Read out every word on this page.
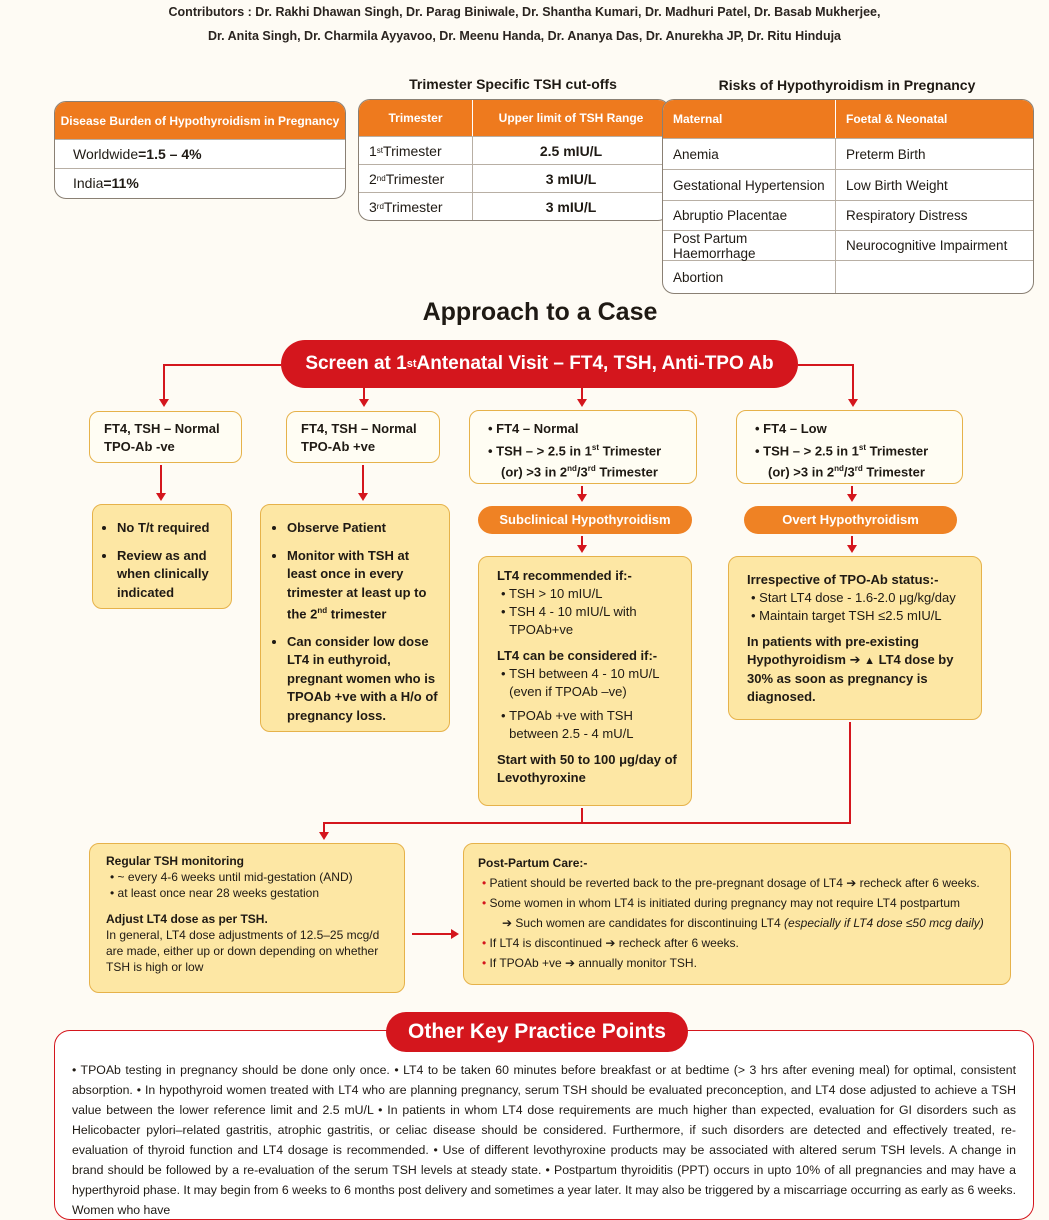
Contributors : Dr. Rakhi Dhawan Singh, Dr. Parag Biniwale, Dr. Shantha Kumari, Dr. Madhuri Patel, Dr. Basab Mukherjee,
Dr. Anita Singh, Dr. Charmila Ayyavoo, Dr. Meenu Handa, Dr. Ananya Das, Dr. Anurekha JP, Dr. Ritu Hinduja
Trimester Specific TSH cut-offs	Risks of Hypothyroidism in Pregnancy
Disease Burden of Hypothyroidism in Pregnancy
Worldwide = 1.5 – 4%
India = 11%
Trimester	Upper limit of TSH Range
1 st Trimester	2.5 mIU/L
2 nd Trimester	3 mIU/L
3 rd Trimester	3 mIU/L
Maternal	Foetal & Neonatal
Anemia	Preterm Birth
Gestational Hypertension	Low Birth Weight
Abruptio Placentae	Respiratory Distress
Post Partum Haemorrhage	Neurocognitive Impairment
Abortion
Approach to a Case
Screen at 1 st Antenatal Visit – FT4, TSH, Anti-TPO Ab
FT4, TSH – Normal
TPO-Ab -ve
FT4, TSH – Normal
TPO-Ab +ve
• FT4 – Normal
• TSH – > 2.5 in 1st Trimester
(or) >3 in 2nd/3rd Trimester
• FT4 – Low
• TSH – > 2.5 in 1st Trimester
(or) >3 in 2nd/3rd Trimester
Subclinical Hypothyroidism	Overt Hypothyroidism
• No T/t required
• Review as and when clinically indicated
• Observe Patient
• Monitor with TSH at least once in every trimester at least up to the 2nd trimester
• Can consider low dose LT4 in euthyroid, pregnant women who is TPOAb +ve with a H/o of pregnancy loss.
LT4 recommended if:-
• TSH > 10 mIU/L
• TSH 4 - 10 mIU/L with TPOAb+ve
LT4 can be considered if:-
• TSH between 4 - 10 mU/L (even if TPOAb –ve)
• TPOAb +ve with TSH between 2.5 - 4 mU/L
Start with 50 to 100 μg/day of Levothyroxine
Irrespective of TPO-Ab status:-
• Start LT4 dose - 1.6-2.0 μg/kg/day
• Maintain target TSH ≤2.5 mIU/L
In patients with pre-existing Hypothyroidism ➔ ▲ LT4 dose by 30% as soon as pregnancy is diagnosed.
Regular TSH monitoring
• ~ every 4-6 weeks until mid-gestation (AND)
• at least once near 28 weeks gestation
Adjust LT4 dose as per TSH.
In general, LT4 dose adjustments of 12.5–25 mcg/d are made, either up or down depending on whether TSH is high or low
Post-Partum Care:-
• Patient should be reverted back to the pre-pregnant dosage of LT4 ➔ recheck after 6 weeks.
• Some women in whom LT4 is initiated during pregnancy may not require LT4 postpartum
➔ Such women are candidates for discontinuing LT4 (especially if LT4 dose ≤50 mcg daily)
• If LT4 is discontinued ➔ recheck after 6 weeks.
• If TPOAb +ve ➔ annually monitor TSH.
Other Key Practice Points
• TPOAb testing in pregnancy should be done only once. • LT4 to be taken 60 minutes before breakfast or at bedtime (> 3 hrs after evening meal) for optimal, consistent absorption. • In hypothyroid women treated with LT4 who are planning pregnancy, serum TSH should be evaluated preconception, and LT4 dose adjusted to achieve a TSH value between the lower reference limit and 2.5 mU/L • In patients in whom LT4 dose requirements are much higher than expected, evaluation for GI disorders such as Helicobacter pylori–related gastritis, atrophic gastritis, or celiac disease should be considered. Furthermore, if such disorders are detected and effectively treated, re-evaluation of thyroid function and LT4 dosage is recommended. • Use of different levothyroxine products may be associated with altered serum TSH levels. A change in brand should be followed by a re-evaluation of the serum TSH levels at steady state. • Postpartum thyroiditis (PPT) occurs in upto 10% of all pregnancies and may have a hyperthyroid phase. It may begin from 6 weeks to 6 months post delivery and sometimes a year later. It may also be triggered by a miscarriage occurring as early as 6 weeks. Women who have
